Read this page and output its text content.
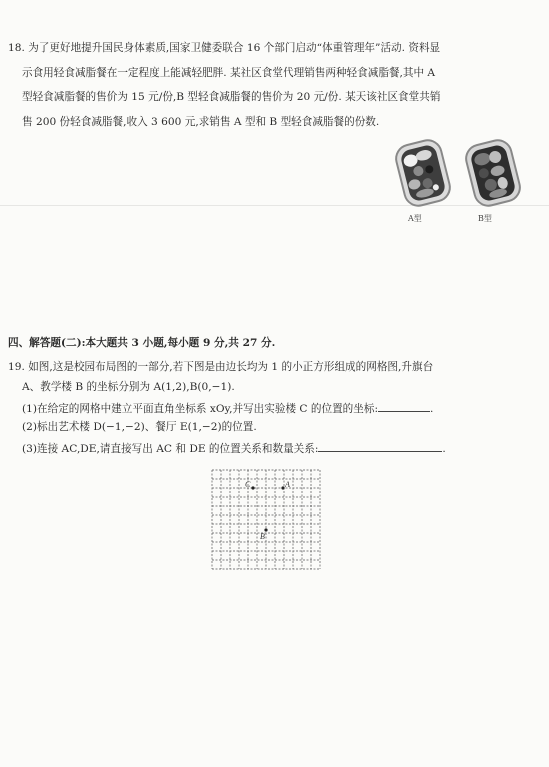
18. 为了更好地提升国民身体素质,国家卫健委联合 16 个部门启动“体重管理年”活动. 资料显
示食用轻食减脂餐在一定程度上能减轻肥胖. 某社区食堂代理销售两种轻食减脂餐,其中 A
型轻食减脂餐的售价为 15 元/份,B 型轻食减脂餐的售价为 20 元/份. 某天该社区食堂共销
售 200 份轻食减脂餐,收入 3 600 元,求销售 A 型和 B 型轻食减脂餐的份数.
A型	B型
四、解答题(二):本大题共 3 小题,每小题 9 分,共 27 分.
19. 如图,这是校园布局图的一部分,若下图是由边长均为 1 的小正方形组成的网格图,升旗台
A、教学楼 B 的坐标分别为 A(1,2),B(0,−1).
(1)在给定的网格中建立平面直角坐标系 xOy,并写出实验楼 C 的位置的坐标:	.
(2)标出艺术楼 D(−1,−2)、餐厅 E(1,−2)的位置.
(3)连接 AC,DE,请直接写出 AC 和 DE 的位置关系和数量关系:	.
C	A
B
